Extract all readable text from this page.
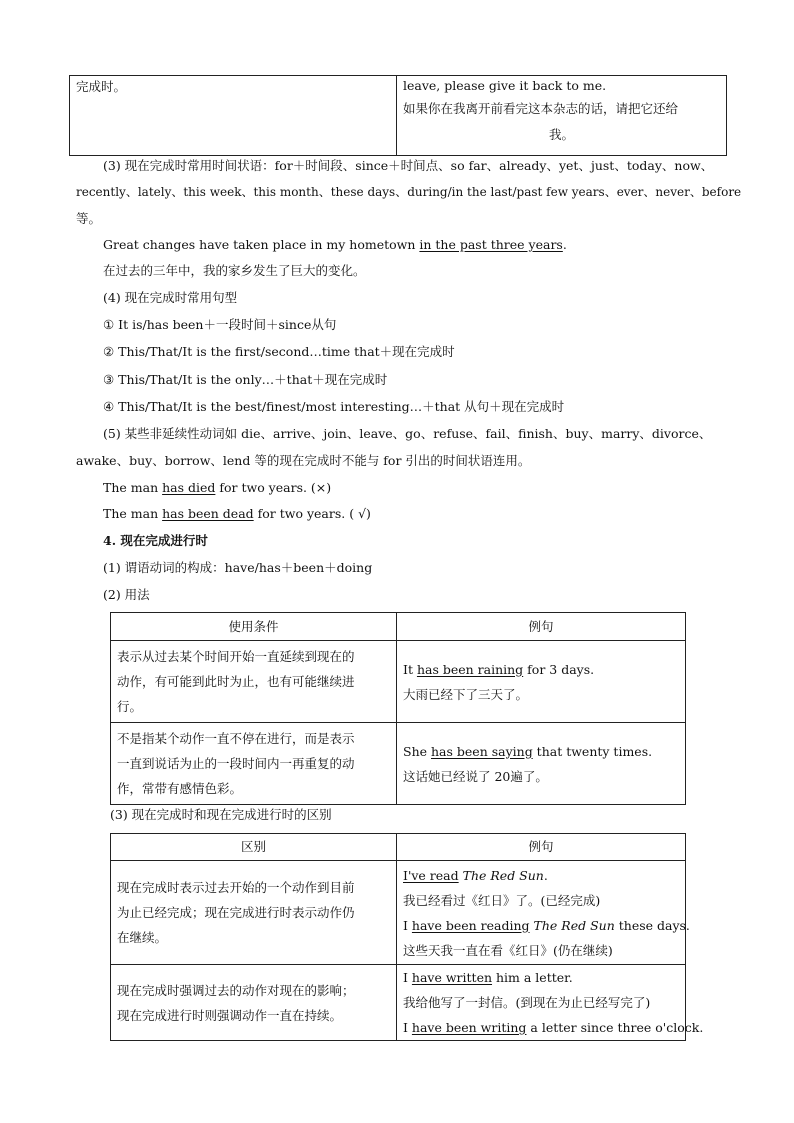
完成时。	leave, please give it back to me.
如果你在我离开前看完这本杂志的话，请把它还给
我。
(3) 现在完成时常用时间状语：for＋时间段、since＋时间点、so far、already、yet、just、today、now、
recently、lately、this week、this month、these days、during/in the last/past few years、ever、never、before
等。
Great changes have taken place in my hometown in the past three years.
在过去的三年中，我的家乡发生了巨大的变化。
(4) 现在完成时常用句型
① It is/has been＋一段时间＋since从句
② This/That/It is the first/second…time that＋现在完成时
③ This/That/It is the only…＋that＋现在完成时
④ This/That/It is the best/finest/most interesting…＋that 从句＋现在完成时
(5) 某些非延续性动词如 die、arrive、join、leave、go、refuse、fail、finish、buy、marry、divorce、
awake、buy、borrow、lend 等的现在完成时不能与 for 引出的时间状语连用。
The man has died for two years. (×)
The man has been dead for two years. ( √)
4. 现在完成进行时
(1) 谓语动词的构成：have/has＋been＋doing
(2) 用法
使用条件	例句

表示从过去某个时间开始一直延续到现在的
动作，有可能到此时为止，也有可能继续进
行。	It has been raining for 3 days.
大雨已经下了三天了。

不是指某个动作一直不停在进行，而是表示
一直到说话为止的一段时间内一再重复的动
作，常带有感情色彩。	She has been saying that twenty times.
这话她已经说了 20遍了。
(3) 现在完成时和现在完成进行时的区别
区别	例句

现在完成时表示过去开始的一个动作到目前
为止已经完成；现在完成进行时表示动作仍
在继续。	I've read The Red Sun.
我已经看过《红日》了。(已经完成)
I have been reading The Red Sun these days.
这些天我一直在看《红日》(仍在继续)

现在完成时强调过去的动作对现在的影响；
现在完成进行时则强调动作一直在持续。	I have written him a letter.
我给他写了一封信。(到现在为止已经写完了)
I have been writing a letter since three o'clock.
